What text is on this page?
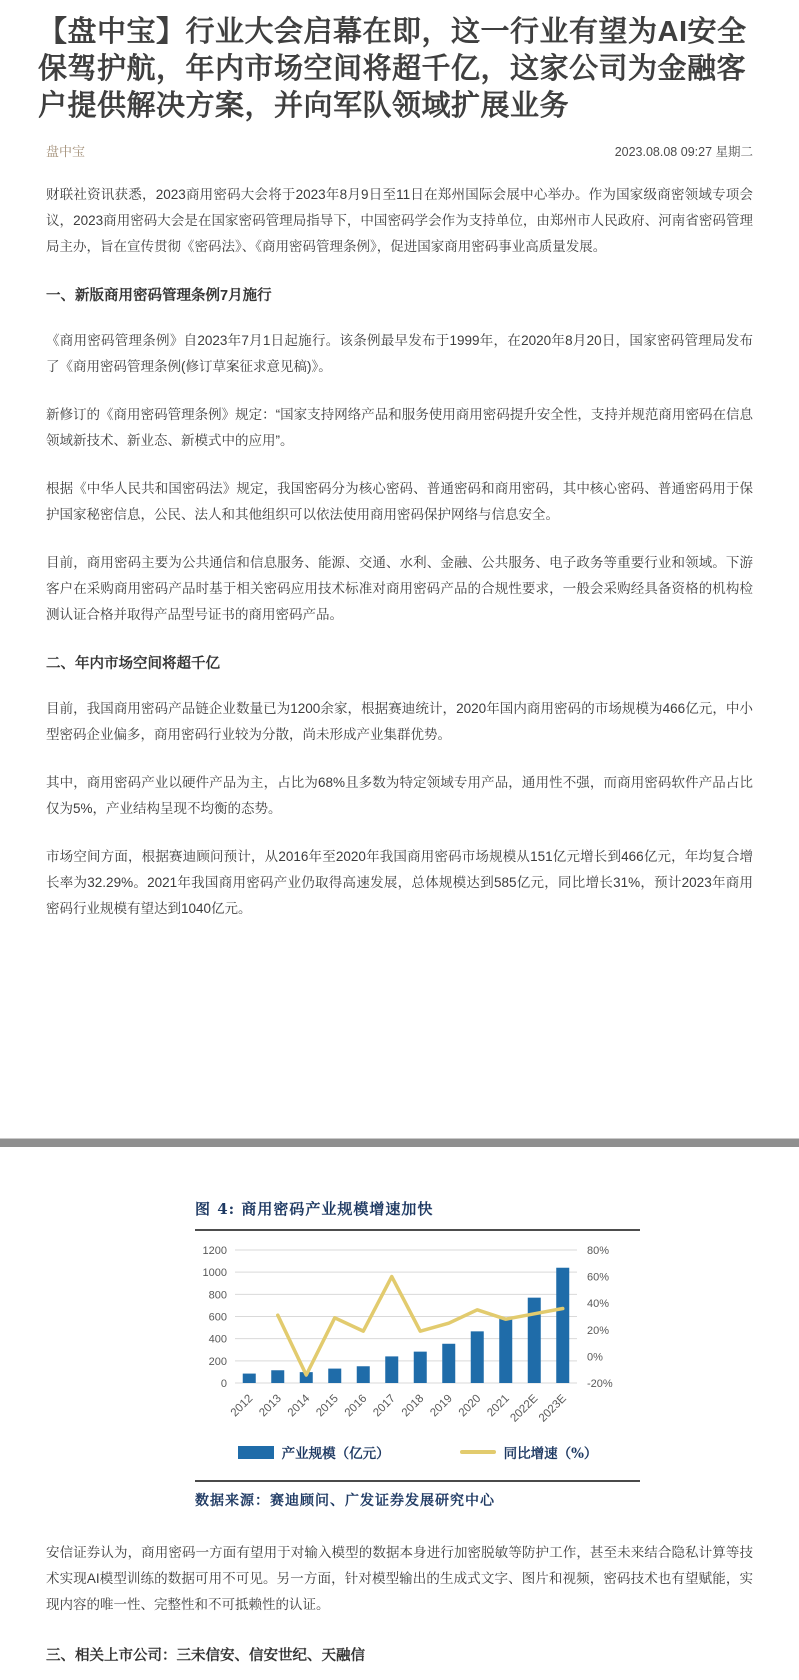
【盘中宝】行业大会启幕在即，这一行业有望为AI安全保驾护航，年内市场空间将超千亿，这家公司为金融客户提供解决方案，并向军队领域扩展业务
盘中宝	2023.08.08 09:27 星期二

财联社资讯获悉，2023商用密码大会将于2023年8月9日至11日在郑州国际会展中心举办。作为国家级商密领域专项会议，2023商用密码大会是在国家密码管理局指导下，中国密码学会作为支持单位，由郑州市人民政府、河南省密码管理局主办，旨在宣传贯彻《密码法》、《商用密码管理条例》，促进国家商用密码事业高质量发展。

一、新版商用密码管理条例7月施行

《商用密码管理条例》自2023年7月1日起施行。该条例最早发布于1999年，在2020年8月20日，国家密码管理局发布了《商用密码管理条例(修订草案征求意见稿)》。

新修订的《商用密码管理条例》规定：“国家支持网络产品和服务使用商用密码提升安全性，支持并规范商用密码在信息领域新技术、新业态、新模式中的应用”。

根据《中华人民共和国密码法》规定，我国密码分为核心密码、普通密码和商用密码，其中核心密码、普通密码用于保护国家秘密信息，公民、法人和其他组织可以依法使用商用密码保护网络与信息安全。

目前，商用密码主要为公共通信和信息服务、能源、交通、水利、金融、公共服务、电子政务等重要行业和领域。下游客户在采购商用密码产品时基于相关密码应用技术标准对商用密码产品的合规性要求，一般会采购经具备资格的机构检测认证合格并取得产品型号证书的商用密码产品。

二、年内市场空间将超千亿

目前，我国商用密码产品链企业数量已为1200余家，根据赛迪统计，2020年国内商用密码的市场规模为466亿元，中小型密码企业偏多，商用密码行业较为分散，尚未形成产业集群优势。

其中，商用密码产业以硬件产品为主，占比为68%且多数为特定领域专用产品，通用性不强，而商用密码软件产品占比仅为5%，产业结构呈现不均衡的态势。

市场空间方面，根据赛迪顾问预计，从2016年至2020年我国商用密码市场规模从151亿元增长到466亿元，年均复合增长率为32.29%。2021年我国商用密码产业仍取得高速发展，总体规模达到585亿元，同比增长31%，预计2023年商用密码行业规模有望达到1040亿元。

图 4: 商用密码产业规模增速加快
0
200
400
600
800
1000
1200
-20%
0%
20%
40%
60%
80%
2012 2013 2014 2015 2016 2017 2018 2019 2020 2021
2022E
2023E
产业规模（亿元）	同比增速（%）
数据来源：赛迪顾问、广发证券发展研究中心

安信证券认为，商用密码一方面有望用于对输入模型的数据本身进行加密脱敏等防护工作，甚至未来结合隐私计算等技术实现AI模型训练的数据可用不可见。另一方面，针对模型输出的生成式文字、图片和视频，密码技术也有望赋能，实现内容的唯一性、完整性和不可抵赖性的认证。

三、相关上市公司：三未信安、信安世纪、天融信
